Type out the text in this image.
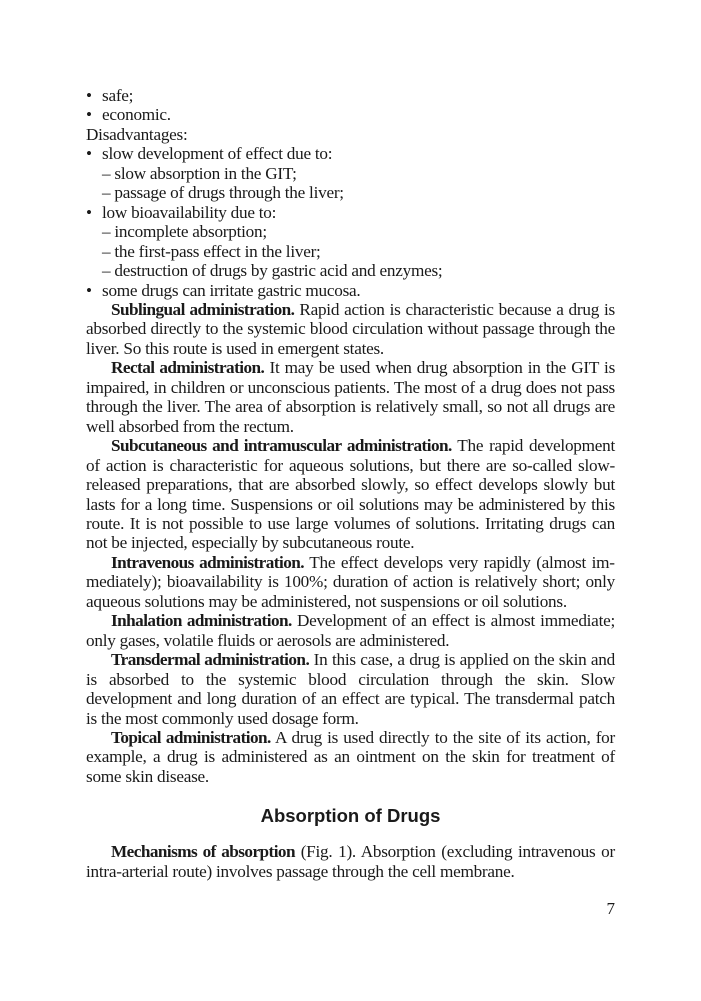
• safe;
• economic.
Disadvantages:
• slow development of effect due to:
– slow absorption in the GIT;
– passage of drugs through the liver;
• low bioavailability due to:
– incomplete absorption;
– the first-pass effect in the liver;
– destruction of drugs by gastric acid and enzymes;
• some drugs can irritate gastric mucosa.

Sublingual administration. Rapid action is characteristic because a drug is absorbed directly to the systemic blood circulation without passage through the liver. So this route is used in emergent states.

Rectal administration. It may be used when drug absorption in the GIT is impaired, in children or unconscious patients. The most of a drug does not pass through the liver. The area of absorption is relatively small, so not all drugs are well absorbed from the rectum.

Subcutaneous and intramuscular administration. The rapid development of action is characteristic for aqueous solutions, but there are so-called slow-released preparations, that are absorbed slowly, so effect develops slowly but lasts for a long time. Suspensions or oil solutions may be administered by this route. It is not possible to use large volumes of solutions. Irritating drugs can not be injected, especially by subcutaneous route.

Intravenous administration. The effect develops very rapidly (almost immediately); bioavailability is 100%; duration of action is relatively short; only aqueous solutions may be administered, not suspensions or oil solutions.

Inhalation administration. Development of an effect is almost immediate; only gases, volatile fluids or aerosols are administered.

Transdermal administration. In this case, a drug is applied on the skin and is absorbed to the systemic blood circulation through the skin. Slow development and long duration of an effect are typical. The transdermal patch is the most commonly used dosage form.

Topical administration. A drug is used directly to the site of its action, for example, a drug is administered as an ointment on the skin for treatment of some skin disease.

Absorption of Drugs

Mechanisms of absorption (Fig. 1). Absorption (excluding intravenous or intra-arterial route) involves passage through the cell membrane.

7
